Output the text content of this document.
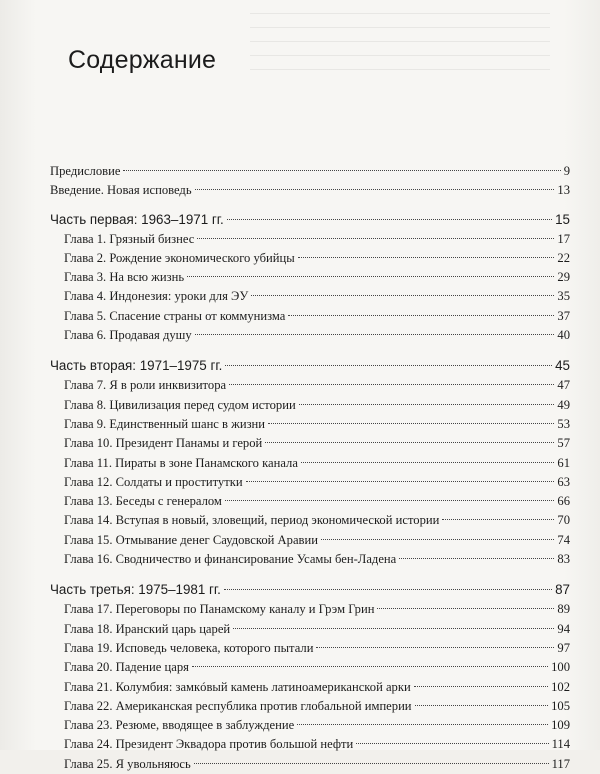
Содержание
Предисловие	9
Введение. Новая исповедь	13
Часть первая: 1963–1971 гг.	15
Глава 1. Грязный бизнес	17
Глава 2. Рождение экономического убийцы	22
Глава 3. На всю жизнь	29
Глава 4. Индонезия: уроки для ЭУ	35
Глава 5. Спасение страны от коммунизма	37
Глава 6. Продавая душу	40
Часть вторая: 1971–1975 гг.	45
Глава 7. Я в роли инквизитора	47
Глава 8. Цивилизация перед судом истории	49
Глава 9. Единственный шанс в жизни	53
Глава 10. Президент Панамы и герой	57
Глава 11. Пираты в зоне Панамского канала	61
Глава 12. Солдаты и проститутки	63
Глава 13. Беседы с генералом	66
Глава 14. Вступая в новый, зловещий, период экономической истории	70
Глава 15. Отмывание денег Саудовской Аравии	74
Глава 16. Сводничество и финансирование Усамы бен-Ладена	83
Часть третья: 1975–1981 гг.	87
Глава 17. Переговоры по Панамскому каналу и Грэм Грин	89
Глава 18. Иранский царь царей	94
Глава 19. Исповедь человека, которого пытали	97
Глава 20. Падение царя	100
Глава 21. Колумбия: замкóвый камень латиноамериканской арки	102
Глава 22. Американская республика против глобальной империи	105
Глава 23. Резюме, вводящее в заблуждение	109
Глава 24. Президент Эквадора против большой нефти	114
Глава 25. Я увольняюсь	117
